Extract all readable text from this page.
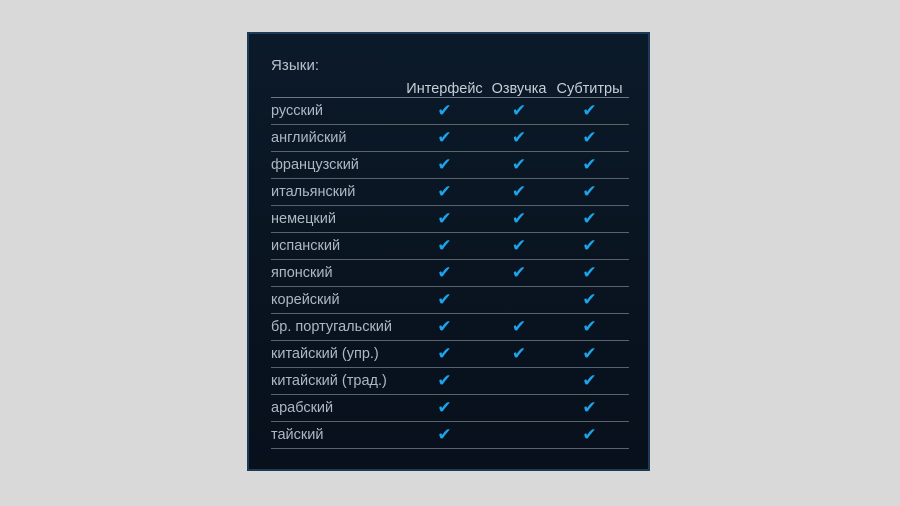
Языки:
	Интерфейс	Озвучка	Субтитры
русский	✔	✔	✔
английский	✔	✔	✔
французский	✔	✔	✔
итальянский	✔	✔	✔
немецкий	✔	✔	✔
испанский	✔	✔	✔
японский	✔	✔	✔
корейский	✔		✔
бр. португальский	✔	✔	✔
китайский (упр.)	✔	✔	✔
китайский (трад.)	✔		✔
арабский	✔		✔
тайский	✔		✔
